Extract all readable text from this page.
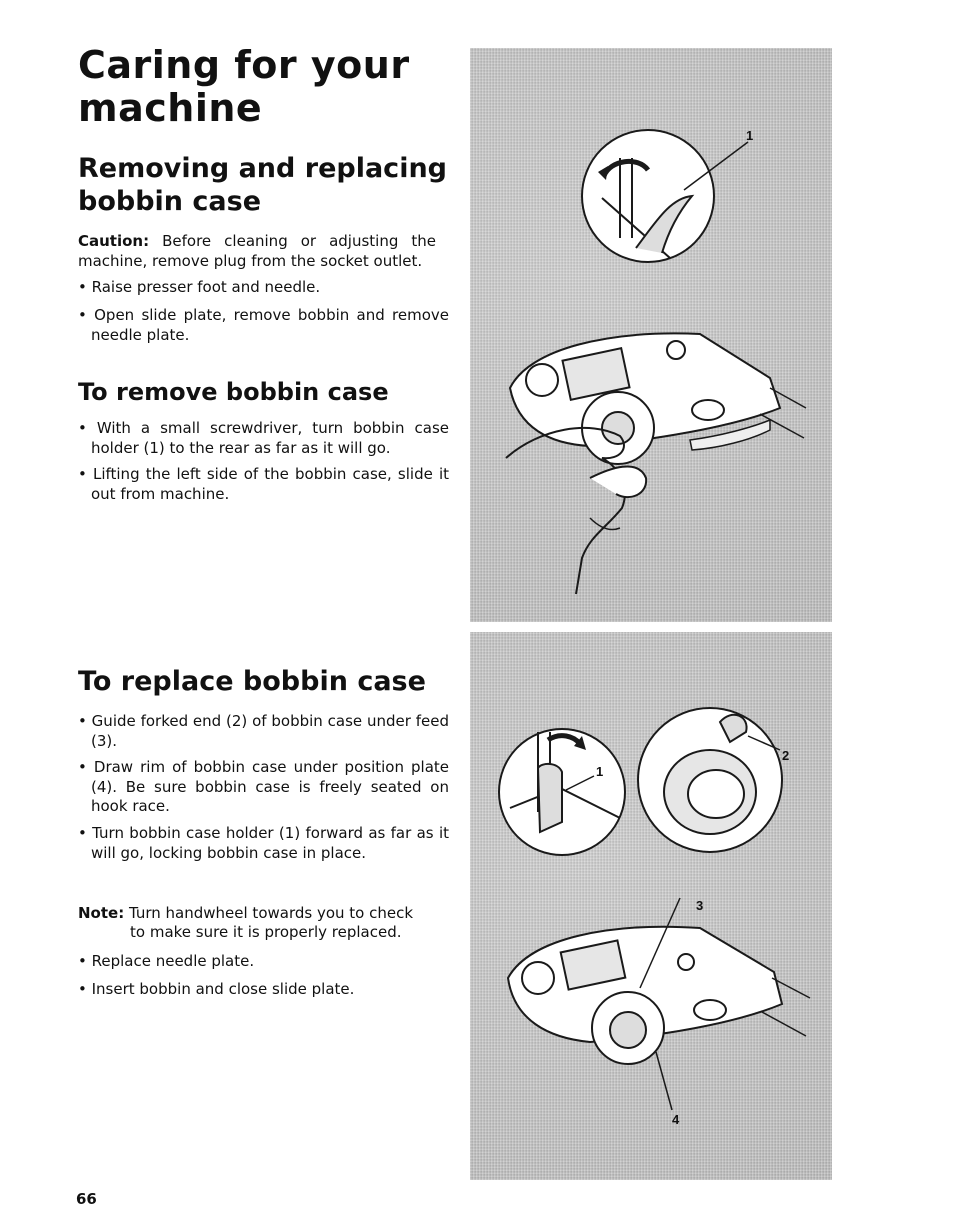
Caring for your machine
Removing and replacing bobbin case

Caution: Before cleaning or adjusting the machine, remove plug from the socket outlet.

• Raise presser foot and needle.

• Open slide plate, remove bobbin and remove needle plate.

To remove bobbin case

• With a small screwdriver, turn bobbin case holder (1) to the rear as far as it will go.

• Lifting the left side of the bobbin case, slide it out from machine.

To replace bobbin case

• Guide forked end (2) of bobbin case under feed (3).

• Draw rim of bobbin case under position plate (4). Be sure bobbin case is freely seated on hook race.

• Turn bobbin case holder (1) forward as far as it will go, locking bobbin case in place.

Note: Turn handwheel towards you to check

to make sure it is properly replaced.

• Replace needle plate.

• Insert bobbin and close slide plate.

66

1
1
2
3
4
